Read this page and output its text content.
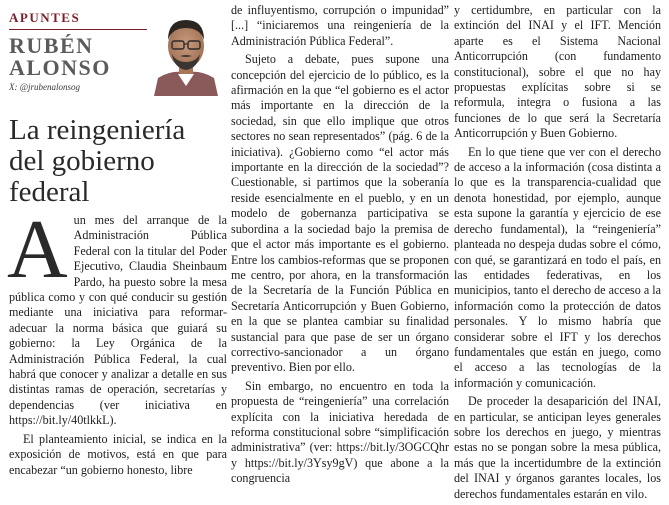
APUNTES
RUBÉN
ALONSO
X: @jrubenalonsog
La reingeniería del gobierno federal

Aun mes del arranque de la Administración Pública Federal con la titular del Poder Ejecutivo, Claudia Sheinbaum Pardo, ha puesto sobre la mesa pública como y con qué conducir su gestión mediante una iniciativa para reformar-adecuar la norma básica que guiará su gobierno: la Ley Orgánica de la Administración Pública Federal, la cual habrá que conocer y analizar a detalle en sus distintas ramas de operación, secretarías y dependencias (ver iniciativa en https://bit.ly/40tlkkL).

El planteamiento inicial, se indica en la exposición de motivos, está en que para encabezar “un gobierno honesto, libre

de influyentismo, corrupción o impunidad” [...] “iniciaremos una reingeniería de la Administración Pública Federal”.

Sujeto a debate, pues supone una concepción del ejercicio de lo público, es la afirmación en la que “el gobierno es el actor más importante en la dirección de la sociedad, sin que ello implique que otros sectores no sean representados” (pág. 6 de la iniciativa). ¿Gobierno como “el actor más importante en la dirección de la sociedad”? Cuestionable, si partimos que la soberanía reside esencialmente en el pueblo, y en un modelo de gobernanza participativa se subordina a la sociedad bajo la premisa de que el actor más importante es el gobierno. Entre los cambios-reformas que se proponen me centro, por ahora, en la transformación de la Secretaría de la Función Pública en Secretaría Anticorrupción y Buen Gobierno, en la que se plantea cambiar su finalidad sustancial para que pase de ser un órgano correctivo-sancionador a un órgano preventivo. Bien por ello.

Sin embargo, no encuentro en toda la propuesta de “reingeniería” una correlación explícita con la iniciativa heredada de reforma constitucional sobre “simplificación administrativa” (ver: https://bit.ly/3OGCQhr y https://bit.ly/3Ysy9gV) que abone a la congruencia

y certidumbre, en particular con la extinción del INAI y el IFT. Mención aparte es el Sistema Nacional Anticorrupción (con fundamento constitucional), sobre el que no hay propuestas explícitas sobre si se reformula, integra o fusiona a las funciones de lo que será la Secretaría Anticorrupción y Buen Gobierno.

En lo que tiene que ver con el derecho de acceso a la información (cosa distinta a lo que es la transparencia-cualidad que denota honestidad, por ejemplo, aunque esta supone la garantía y ejercicio de ese derecho fundamental), la “reingeniería” planteada no despeja dudas sobre el cómo, con qué, se garantizará en todo el país, en las entidades federativas, en los municipios, tanto el derecho de acceso a la información como la protección de datos personales. Y lo mismo habría que considerar sobre el IFT y los derechos fundamentales que están en juego, como el acceso a las tecnologías de la información y comunicación.

De proceder la desaparición del INAI, en particular, se anticipan leyes generales sobre los derechos en juego, y mientras estas no se pongan sobre la mesa pública, más que la incertidumbre de la extinción del INAI y órganos garantes locales, los derechos fundamentales estarán en vilo.
